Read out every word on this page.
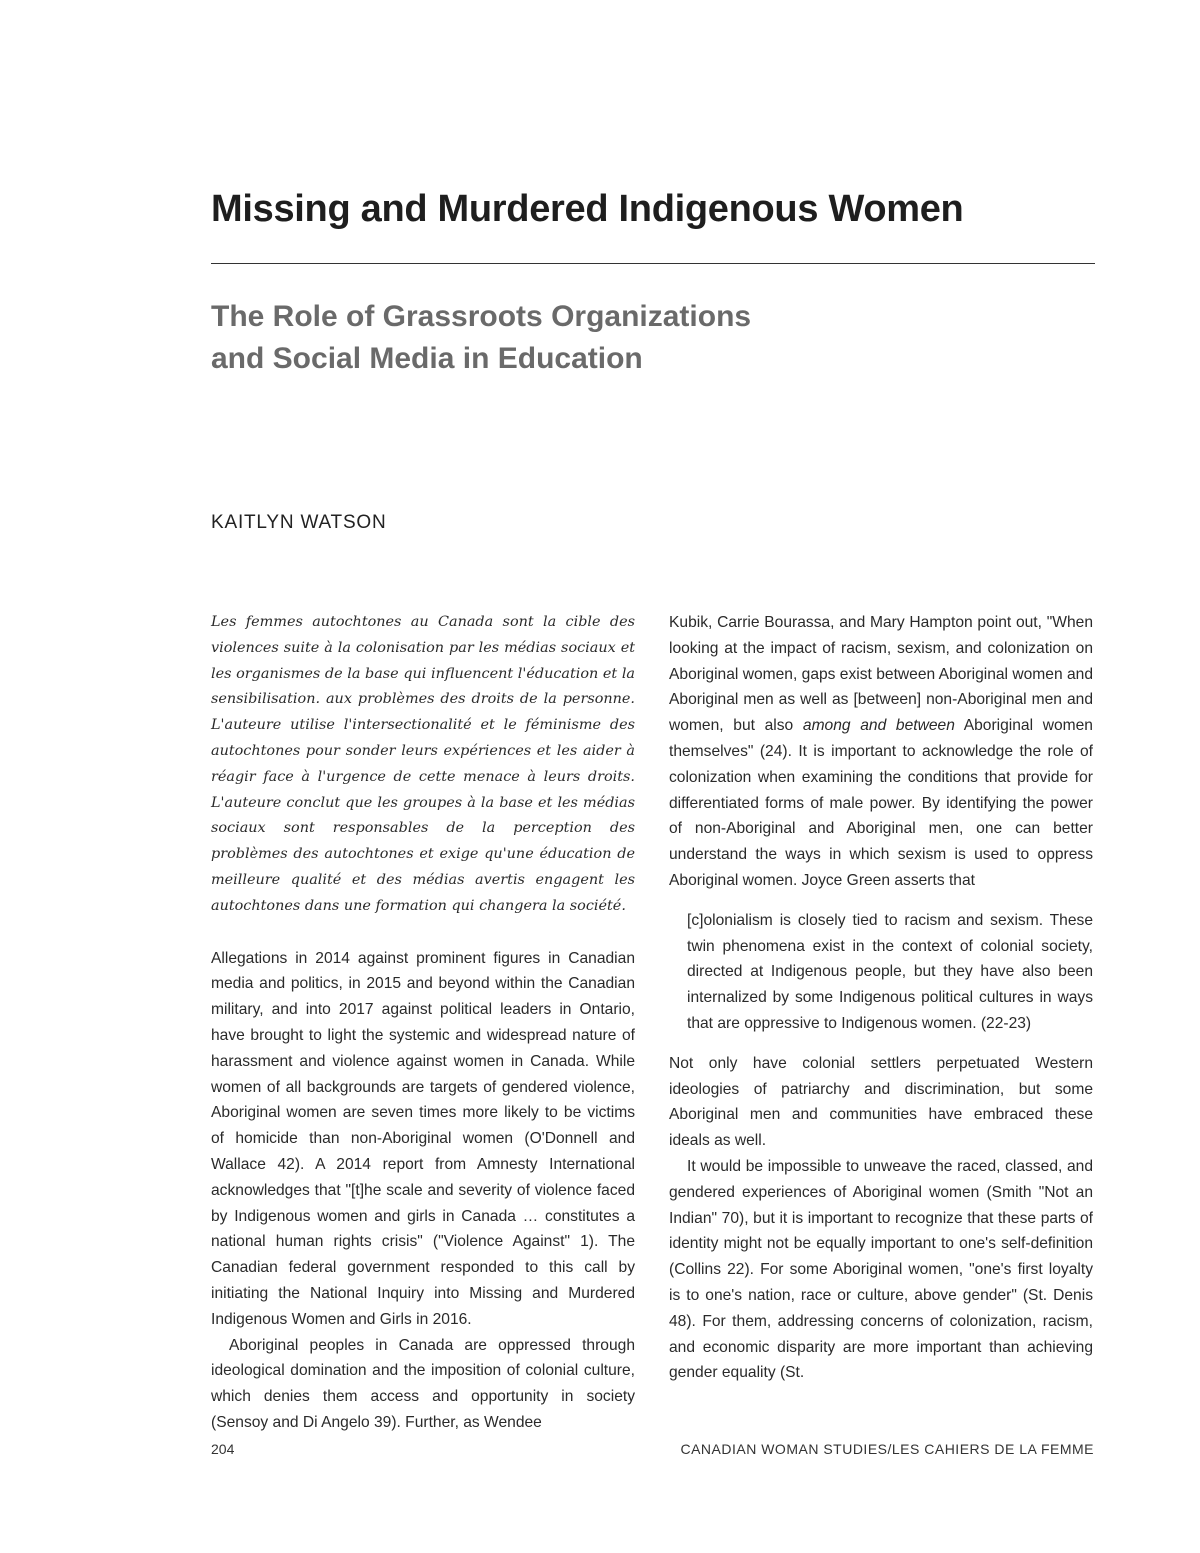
Missing and Murdered Indigenous Women
The Role of Grassroots Organizations
and Social Media in Education
KAITLYN WATSON

Les femmes autochtones au Canada sont la cible des violences suite à la colonisation par les médias sociaux et les organismes de la base qui influencent l'éducation et la sensibilisation. aux problèmes des droits de la personne. L'auteure utilise l'intersectionalité et le féminisme des autochtones pour sonder leurs expériences et les aider à réagir face à l'urgence de cette menace à leurs droits. L'auteure conclut que les groupes à la base et les médias sociaux sont responsables de la perception des problèmes des autochtones et exige qu'une éducation de meilleure qualité et des médias avertis engagent les autochtones dans une formation qui changera la société.

Allegations in 2014 against prominent figures in Canadian media and politics, in 2015 and beyond within the Canadian military, and into 2017 against political leaders in Ontario, have brought to light the systemic and widespread nature of harassment and violence against women in Canada. While women of all backgrounds are targets of gendered violence, Aboriginal women are seven times more likely to be victims of homicide than non-Aboriginal women (O'Donnell and Wallace 42). A 2014 report from Amnesty International acknowledges that "[t]he scale and severity of violence faced by Indigenous women and girls in Canada … constitutes a national human rights crisis" ("Violence Against" 1). The Canadian federal government responded to this call by initiating the National Inquiry into Missing and Murdered Indigenous Women and Girls in 2016.

Aboriginal peoples in Canada are oppressed through ideological domination and the imposition of colonial culture, which denies them access and opportunity in society (Sensoy and Di Angelo 39). Further, as Wendee

Kubik, Carrie Bourassa, and Mary Hampton point out, "When looking at the impact of racism, sexism, and colonization on Aboriginal women, gaps exist between Aboriginal women and Aboriginal men as well as [between] non-Aboriginal men and women, but also among and between Aboriginal women themselves" (24). It is important to acknowledge the role of colonization when examining the conditions that provide for differentiated forms of male power. By identifying the power of non-Aboriginal and Aboriginal men, one can better understand the ways in which sexism is used to oppress Aboriginal women. Joyce Green asserts that

[c]olonialism is closely tied to racism and sexism. These twin phenomena exist in the context of colonial society, directed at Indigenous people, but they have also been internalized by some Indigenous political cultures in ways that are oppressive to Indigenous women. (22-23)

Not only have colonial settlers perpetuated Western ideologies of patriarchy and discrimination, but some Aboriginal men and communities have embraced these ideals as well.

It would be impossible to unweave the raced, classed, and gendered experiences of Aboriginal women (Smith "Not an Indian" 70), but it is important to recognize that these parts of identity might not be equally important to one's self-definition (Collins 22). For some Aboriginal women, "one's first loyalty is to one's nation, race or culture, above gender" (St. Denis 48). For them, addressing concerns of colonization, racism, and economic disparity are more important than achieving gender equality (St.

204	CANADIAN WOMAN STUDIES/LES CAHIERS DE LA FEMME
